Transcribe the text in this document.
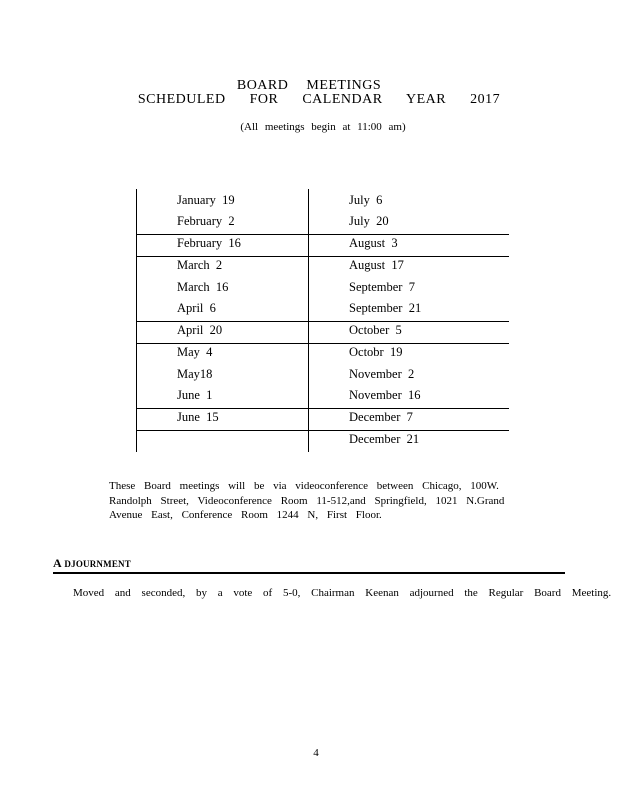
BOARD MEETINGS
SCHEDULED FOR CALENDAR YEAR 2017
(All meetings begin at 11:00 am)
January  19
February  2
February  16
March  2
March  16
April  6
April  20
May  4
May18
June  1
June  15
July  6
July  20
August  3
August  17
September  7
September  21
October  5
Octobr  19
November  2
November  16
December  7
December  21
These Board meetings will be via videoconference between Chicago, 100W.
Randolph Street, Videoconference Room 11-512,and Springfield, 1021 N.Grand
Avenue East, Conference Room 1244 N, First Floor.
A DJOURNMENT
Moved and seconded, by a vote of 5-0, Chairman Keenan adjourned the Regular Board Meeting.
4
